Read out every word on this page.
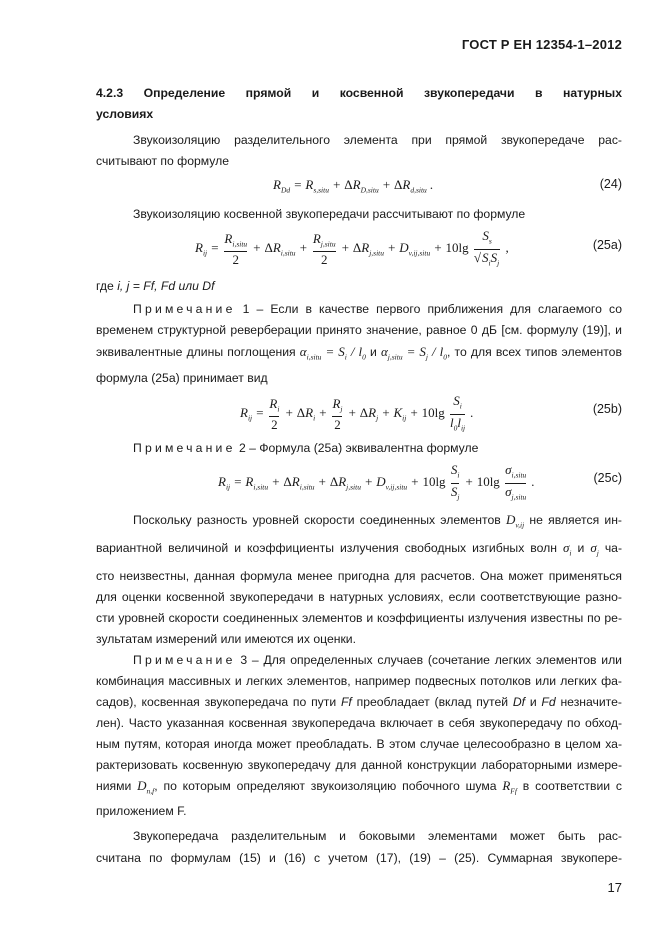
ГОСТ Р ЕН 12354-1–2012
4.2.3 Определение прямой и косвенной звукопередачи в натурных
условиях
Звукоизоляцию разделительного элемента при прямой звукопередаче рас-
считывают по формуле
$R_{Dd} = R_{s,situ} + \Delta R_{D,situ} + \Delta R_{d,situ}$ .	(24)
Звукоизоляцию косвенной звукопередачи рассчитывают по формуле
$R_{ij} = \frac{R_{i,situ}}{2} + \Delta R_{i,situ} + \frac{R_{j,situ}}{2} + \Delta R_{j,situ} + D_{v,ij,situ} + 10\lg \frac{S_s}{√S_iS_j}$ ,	(25a)
где i, j = Ff, Fd или Df
Примечание 1 – Если в качестве первого приближения для слагаемого со
временем структурной реверберации принято значение, равное 0 дБ [см. формулу (19)], и
эквивалентные длины поглощения $\alpha_{i,situ} = S_i / l_0$ и $\alpha_{j,situ} = S_j / l_0$, то для всех типов элементов
формула (25a) принимает вид
$R_{ij} = \frac{R_i}{2} + \Delta R_i + \frac{R_j}{2} + \Delta R_j + K_{ij} + 10\lg \frac{S_i}{l_0l_{ij}}$ .	(25b)
Примечание 2 – Формула (25a) эквивалентна формуле
$R_{ij} = R_{i,situ} + \Delta R_{i,situ} + \Delta R_{j,situ} + D_{v,ij,situ} + 10\lg \frac{S_i}{S_j} + 10\lg \frac{\sigma_{i,situ}}{\sigma_{j,situ}}$ .	(25c)
Поскольку разность уровней скорости соединенных элементов $D_{v,ij}$ не является ин-
вариантной величиной и коэффициенты излучения свободных изгибных волн $\sigma_i$ и $\sigma_j$ ча-
сто неизвестны, данная формула менее пригодна для расчетов. Она может применяться
для оценки косвенной звукопередачи в натурных условиях, если соответствующие разно-
сти уровней скорости соединенных элементов и коэффициенты излучения известны по ре-
зультатам измерений или имеются их оценки.
Примечание 3 – Для определенных случаев (сочетание легких элементов или
комбинация массивных и легких элементов, например подвесных потолков или легких фа-
садов), косвенная звукопередача по пути Ff преобладает (вклад путей Df и Fd незначите-
лен). Часто указанная косвенная звукопередача включает в себя звукопередачу по обход-
ным путям, которая иногда может преобладать. В этом случае целесообразно в целом ха-
рактеризовать косвенную звукопередачу для данной конструкции лабораторными измере-
ниями $D_{n,f}$, по которым определяют звукоизоляцию побочного шума $R_{Ff}$ в соответствии с
приложением F.
Звукопередача разделительным и боковыми элементами может быть рас-
считана по формулам (15) и (16) с учетом (17), (19) – (25). Суммарная звукопере-
17
